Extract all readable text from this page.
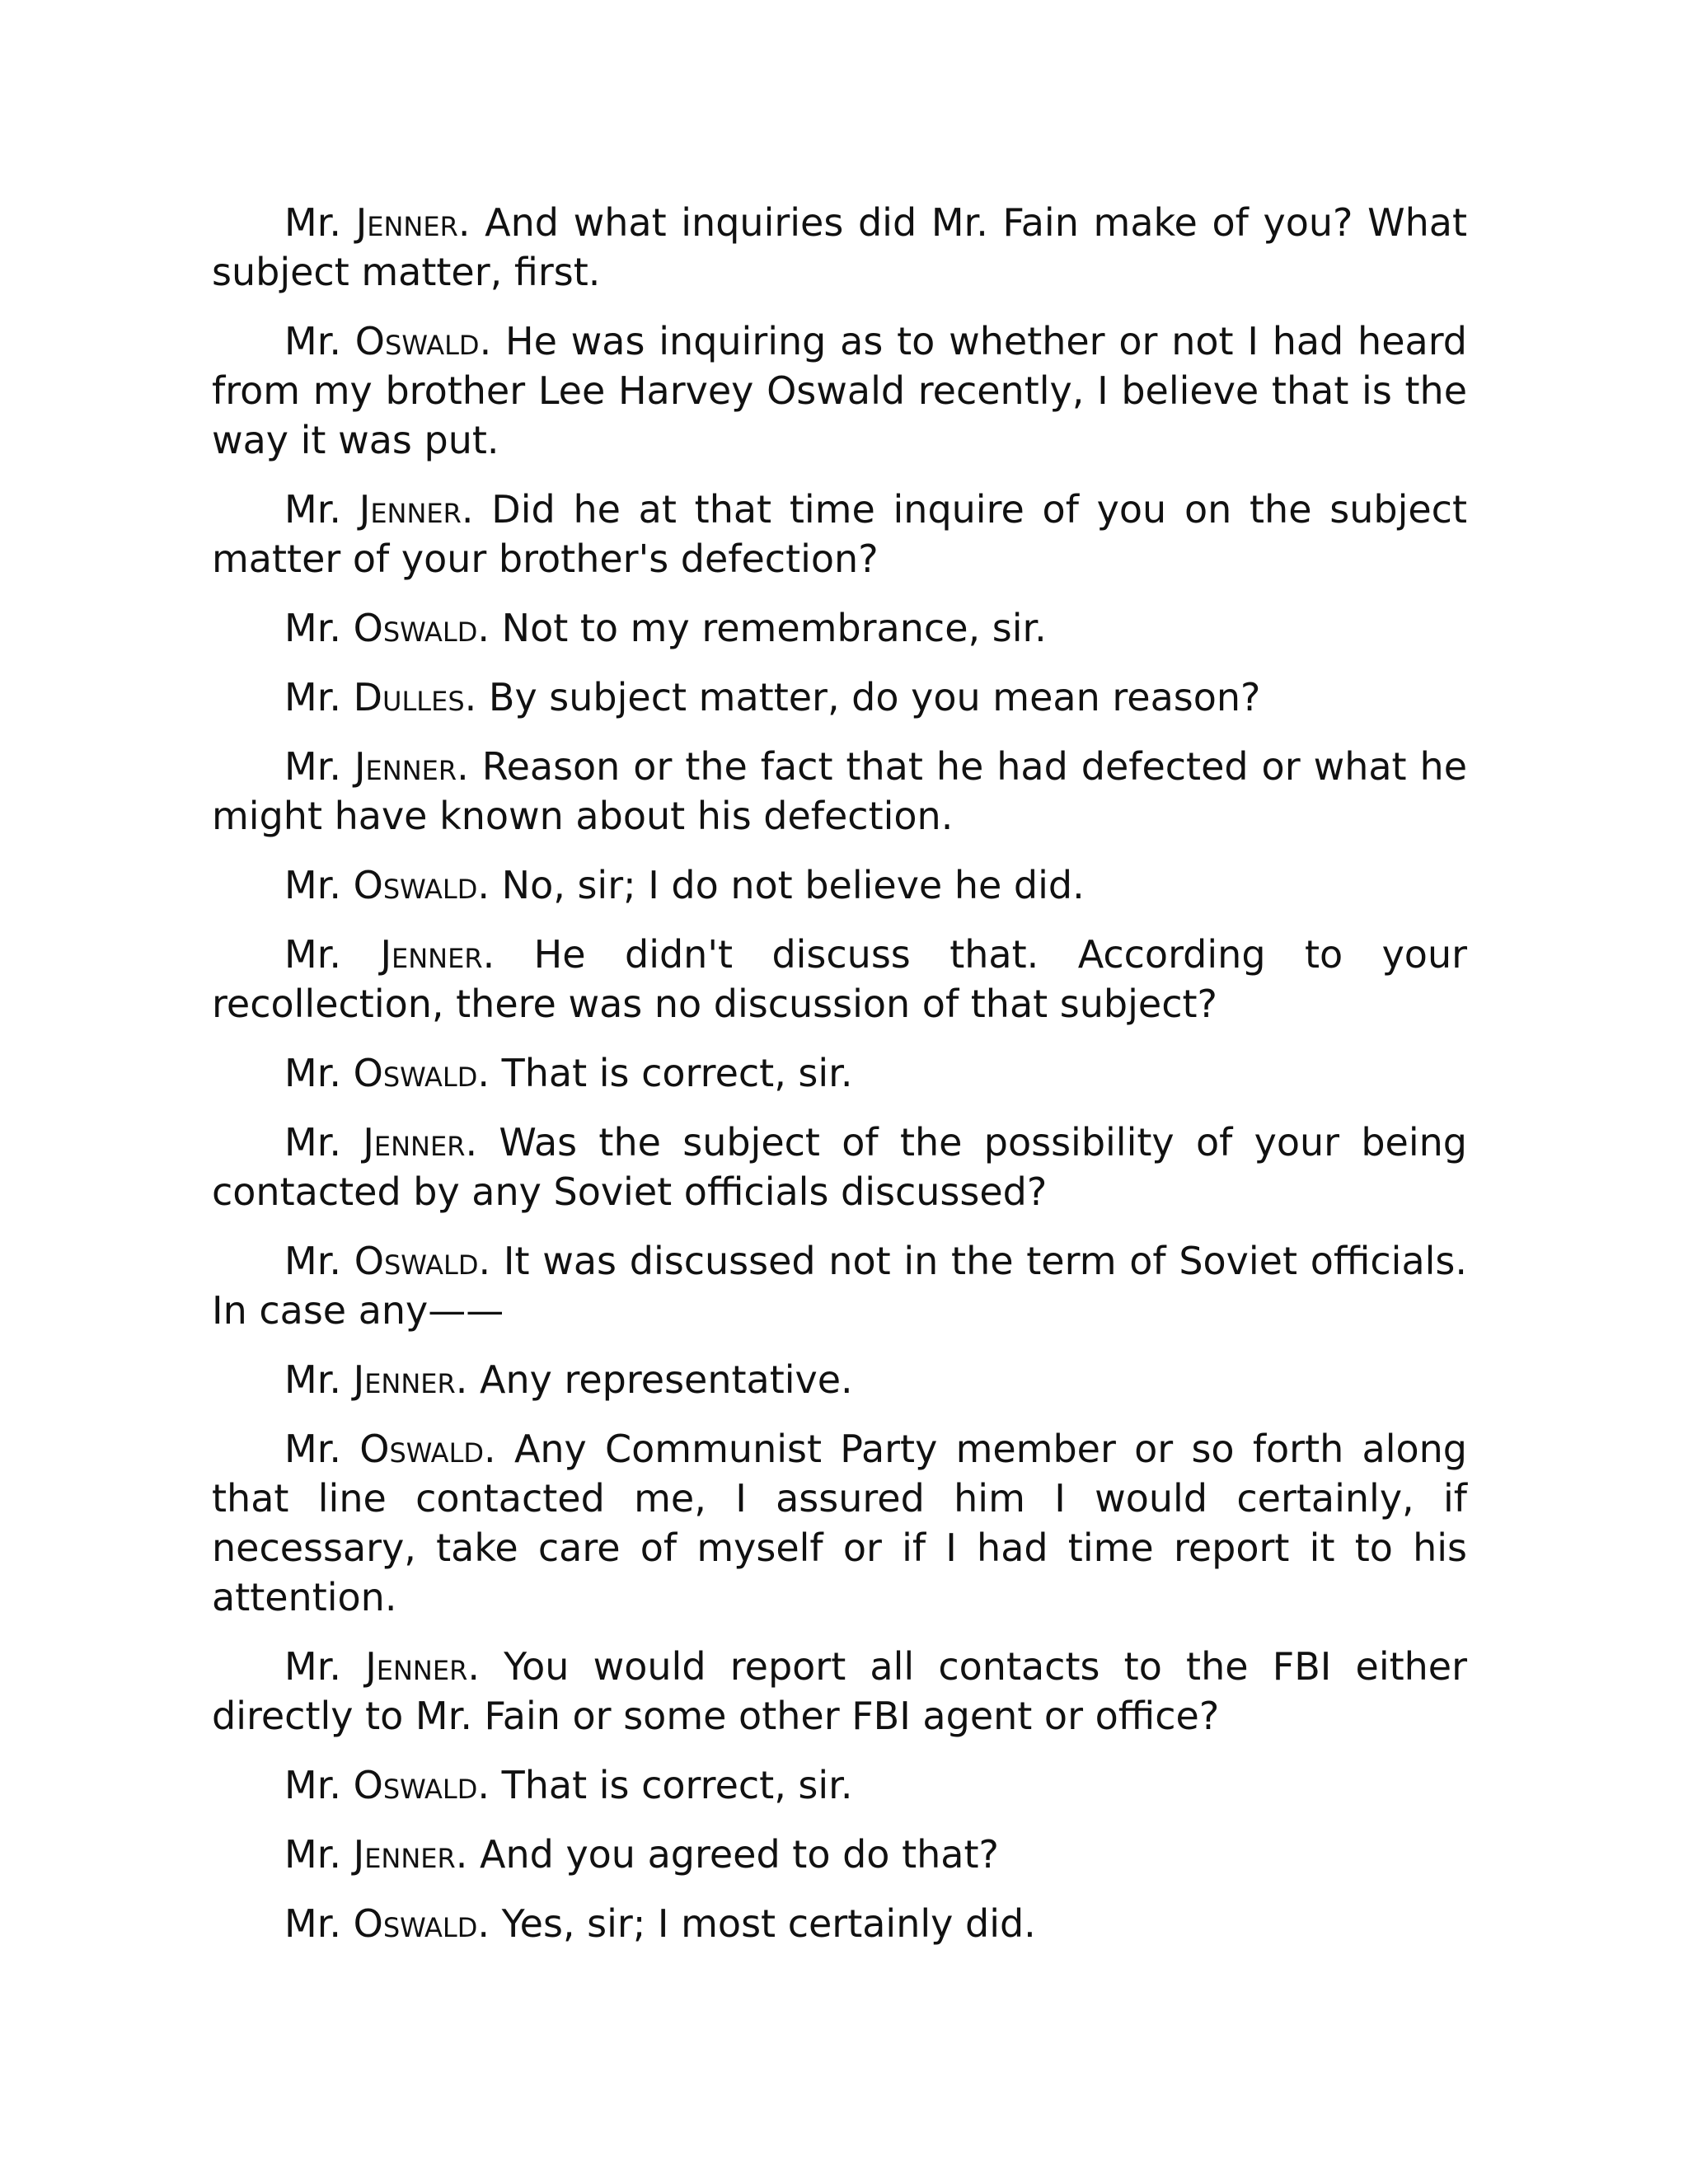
Mr. Jenner. And what inquiries did Mr. Fain make of you? What subject matter, first.

Mr. Oswald. He was inquiring as to whether or not I had heard from my brother Lee Harvey Oswald recently, I believe that is the way it was put.

Mr. Jenner. Did he at that time inquire of you on the subject matter of your brother's defection?

Mr. Oswald. Not to my remembrance, sir.

Mr. Dulles. By subject matter, do you mean reason?

Mr. Jenner. Reason or the fact that he had defected or what he might have known about his defection.

Mr. Oswald. No, sir; I do not believe he did.

Mr. Jenner. He didn't discuss that. According to your recollection, there was no discussion of that subject?

Mr. Oswald. That is correct, sir.

Mr. Jenner. Was the subject of the possibility of your being contacted by any Soviet officials discussed?

Mr. Oswald. It was discussed not in the term of Soviet officials. In case any——

Mr. Jenner. Any representative.

Mr. Oswald. Any Communist Party member or so forth along that line contacted me, I assured him I would certainly, if necessary, take care of myself or if I had time report it to his attention.

Mr. Jenner. You would report all contacts to the FBI either directly to Mr. Fain or some other FBI agent or office?

Mr. Oswald. That is correct, sir.

Mr. Jenner. And you agreed to do that?

Mr. Oswald. Yes, sir; I most certainly did.
